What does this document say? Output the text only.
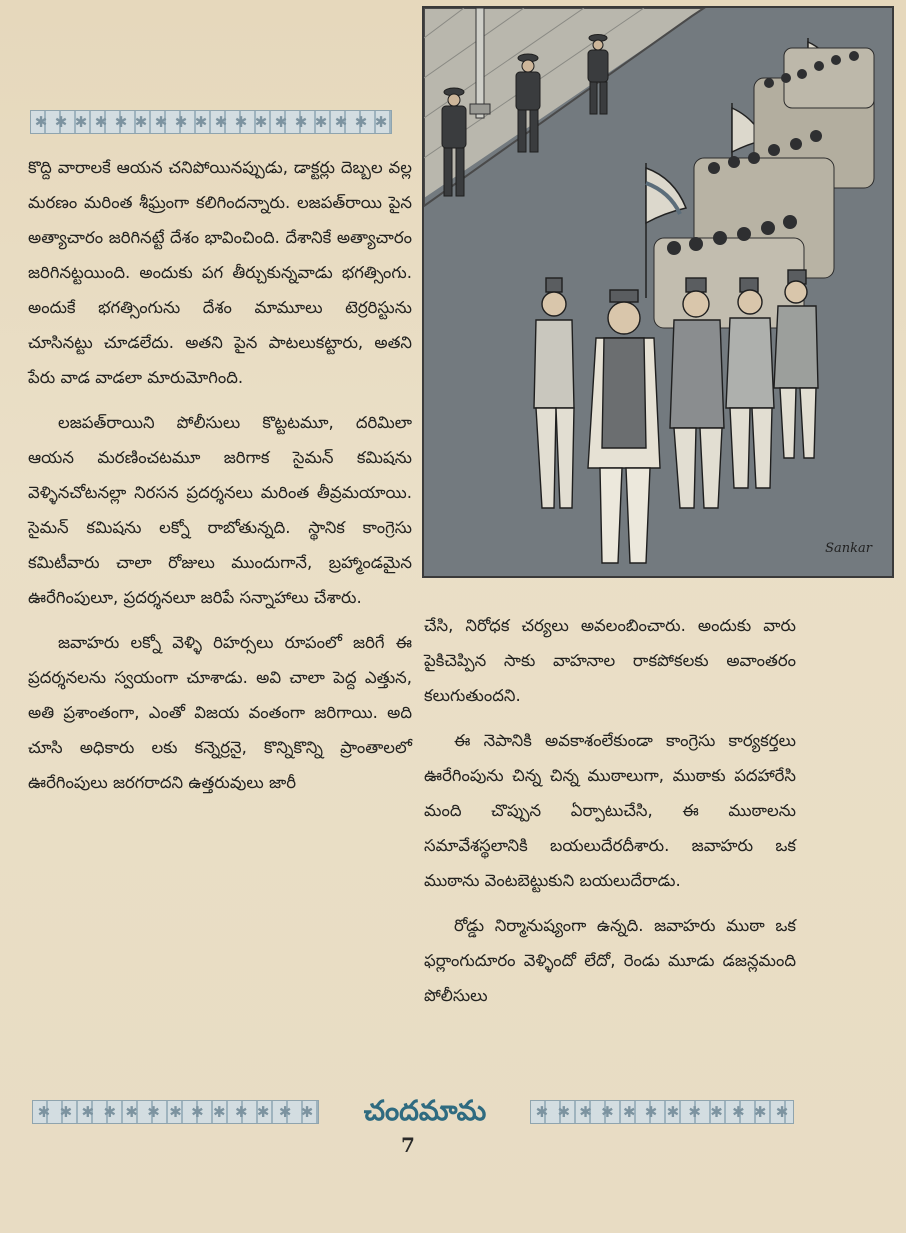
✱ ✱ ✱ ✱ ✱ ✱ ✱ ✱ ✱ ✱ ✱ ✱ ✱ ✱ ✱ ✱ ✱ ✱
Sankar

కొద్ది వారాలకే ఆయన చనిపోయినప్పుడు, డాక్టర్లు దెబ్బల వల్ల మరణం మరింత శీఘ్రంగా కలిగిందన్నారు. లజపత్‌రాయి పైన అత్యాచారం జరిగినట్టే దేశం భావించింది. దేశానికే అత్యాచారం జరిగినట్టయింది. అందుకు పగ తీర్చుకున్నవాడు భగత్సింగు. అందుకే భగత్సింగును దేశం మామూలు టెర్రరిస్టును చూసినట్టు చూడలేదు. అతని పైన పాటలుకట్టారు, అతని పేరు వాడ వాడలా మారుమోగింది.

లజపత్‌రాయిని పోలీసులు కొట్టటమూ, దరిమిలా ఆయన మరణించటమూ జరిగాక సైమన్ కమిషను వెళ్ళినచోటనల్లా నిరసన ప్రదర్శనలు మరింత తీవ్రమయాయి. సైమన్ కమిషను లక్నో రాబోతున్నది. స్థానిక కాంగ్రెసు కమిటీవారు చాలా రోజులు ముందుగానే, బ్రహ్మాండమైన ఊరేగింపులూ, ప్రదర్శనలూ జరిపే సన్నాహాలు చేశారు.

జవాహరు లక్నో వెళ్ళి రిహర్సలు రూపంలో జరిగే ఈ ప్రదర్శనలను స్వయంగా చూశాడు. అవి చాలా పెద్ద ఎత్తున, అతి ప్రశాంతంగా, ఎంతో విజయ వంతంగా జరిగాయి. అది చూసి అధికారు లకు కన్నెర్రనై, కొన్నికొన్ని ప్రాంతాలలో ఊరేగింపులు జరగరాదని ఉత్తరువులు జారీ

చేసి, నిరోధక చర్యలు అవలంబించారు. అందుకు వారు పైకిచెప్పిన సాకు వాహనాల రాకపోకలకు అవాంతరం కలుగుతుందని.

ఈ నెపానికి అవకాశంలేకుండా కాంగ్రెసు కార్యకర్తలు ఊరేగింపును చిన్న చిన్న ముఠాలుగా, ముఠాకు పదహారేసి మంది చొప్పున ఏర్పాటుచేసి, ఈ ముఠాలను సమావేశస్థలానికి బయలుదేరదీశారు. జవాహరు ఒక ముఠాను వెంటబెట్టుకుని బయలుదేరాడు.

రోడ్డు నిర్మానుష్యంగా ఉన్నది. జవాహరు ముఠా ఒక ఫర్లాంగుదూరం వెళ్ళిందో లేదో, రెండు మూడు డజన్లమంది పోలీసులు

✱ ✱ ✱ ✱ ✱ ✱ ✱ ✱ ✱ ✱ ✱ ✱ ✱	చందమామ	✱ ✱ ✱ ✱ ✱ ✱ ✱ ✱ ✱ ✱ ✱ ✱
7
